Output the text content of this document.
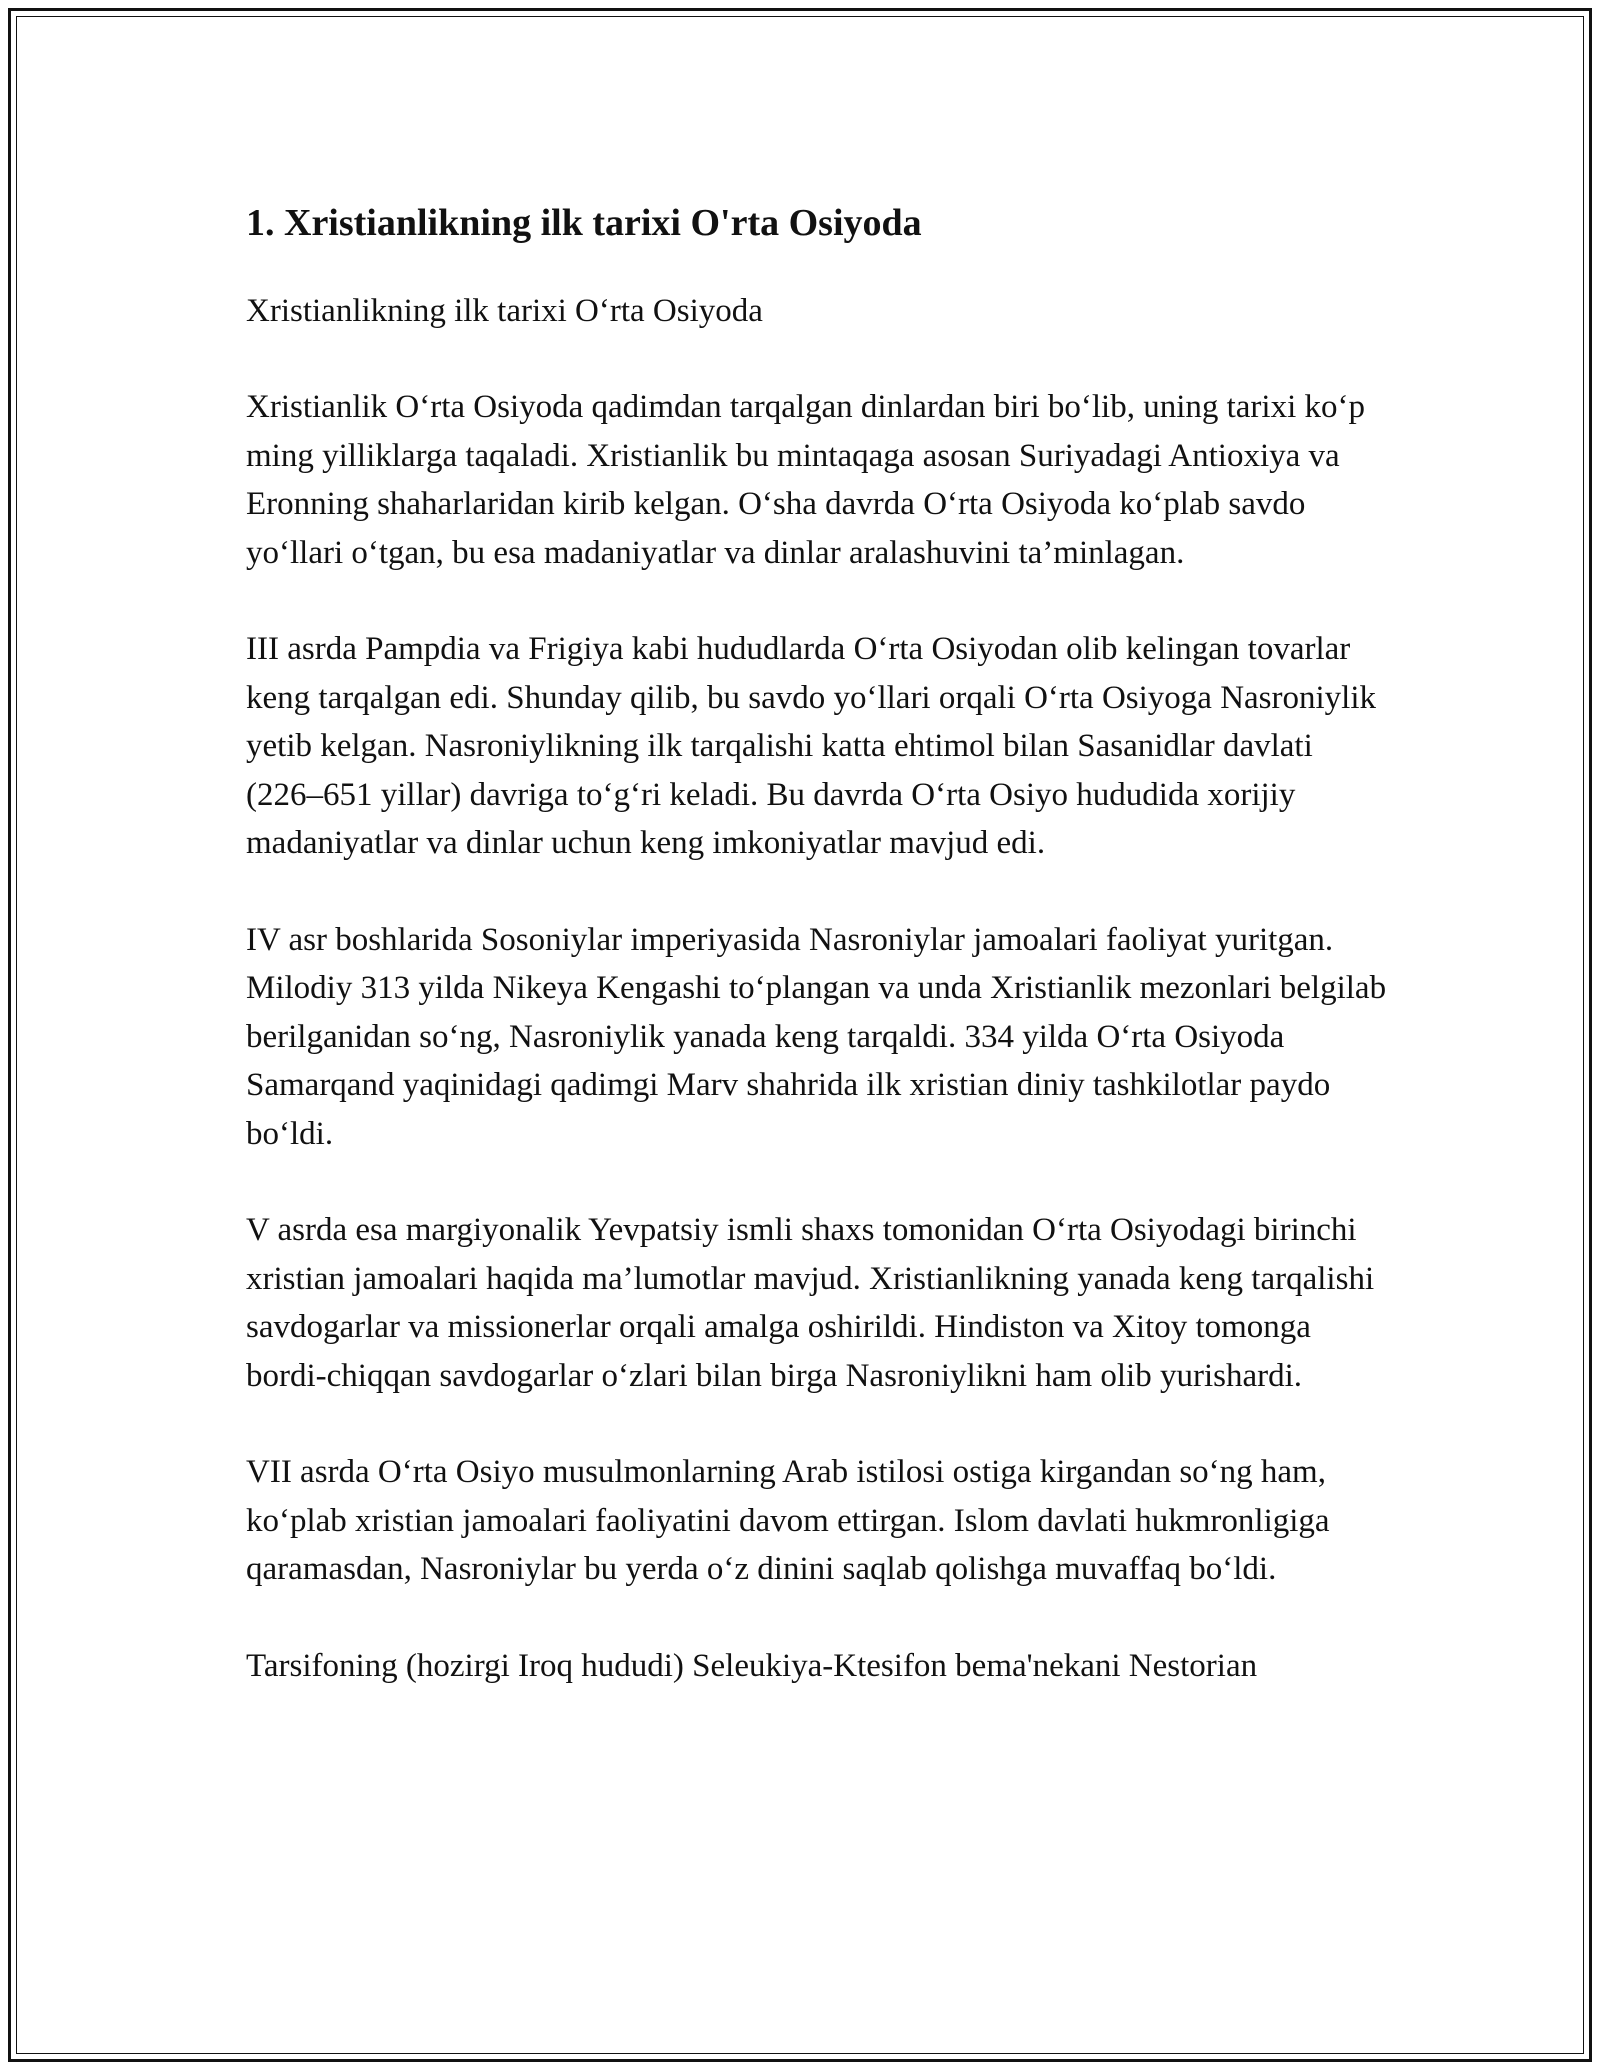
1. Xristianlikning ilk tarixi O'rta Osiyoda

Xristianlikning ilk tarixi O‘rta Osiyoda

Xristianlik O‘rta Osiyoda qadimdan tarqalgan dinlardan biri bo‘lib, uning tarixi ko‘p ming yilliklarga taqaladi. Xristianlik bu mintaqaga asosan Suriyadagi Antioxiya va Eronning shaharlaridan kirib kelgan. O‘sha davrda O‘rta Osiyoda ko‘plab savdo yo‘llari o‘tgan, bu esa madaniyatlar va dinlar aralashuvini ta’minlagan.

III asrda Pampdia va Frigiya kabi hududlarda O‘rta Osiyodan olib kelingan tovarlar keng tarqalgan edi. Shunday qilib, bu savdo yo‘llari orqali O‘rta Osiyoga Nasroniylik yetib kelgan. Nasroniylikning ilk tarqalishi katta ehtimol bilan Sasanidlar davlati (226–651 yillar) davriga to‘g‘ri keladi. Bu davrda O‘rta Osiyo hududida xorijiy madaniyatlar va dinlar uchun keng imkoniyatlar mavjud edi.

IV asr boshlarida Sosoniylar imperiyasida Nasroniylar jamoalari faoliyat yuritgan. Milodiy 313 yilda Nikeya Kengashi to‘plangan va unda Xristianlik mezonlari belgilab berilganidan so‘ng, Nasroniylik yanada keng tarqaldi. 334 yilda O‘rta Osiyoda Samarqand yaqinidagi qadimgi Marv shahrida ilk xristian diniy tashkilotlar paydo bo‘ldi.

V asrda esa margiyonalik Yevpatsiy ismli shaxs tomonidan O‘rta Osiyodagi birinchi xristian jamoalari haqida ma’lumotlar mavjud. Xristianlikning yanada keng tarqalishi savdogarlar va missionerlar orqali amalga oshirildi. Hindiston va Xitoy tomonga bordi-chiqqan savdogarlar o‘zlari bilan birga Nasroniylikni ham olib yurishardi.

VII asrda O‘rta Osiyo musulmonlarning Arab istilosi ostiga kirgandan so‘ng ham, ko‘plab xristian jamoalari faoliyatini davom ettirgan. Islom davlati hukmronligiga qaramasdan, Nasroniylar bu yerda o‘z dinini saqlab qolishga muvaffaq bo‘ldi.

Tarsifoning (hozirgi Iroq hududi) Seleukiya-Ktesifon bema'nekani Nestorian
